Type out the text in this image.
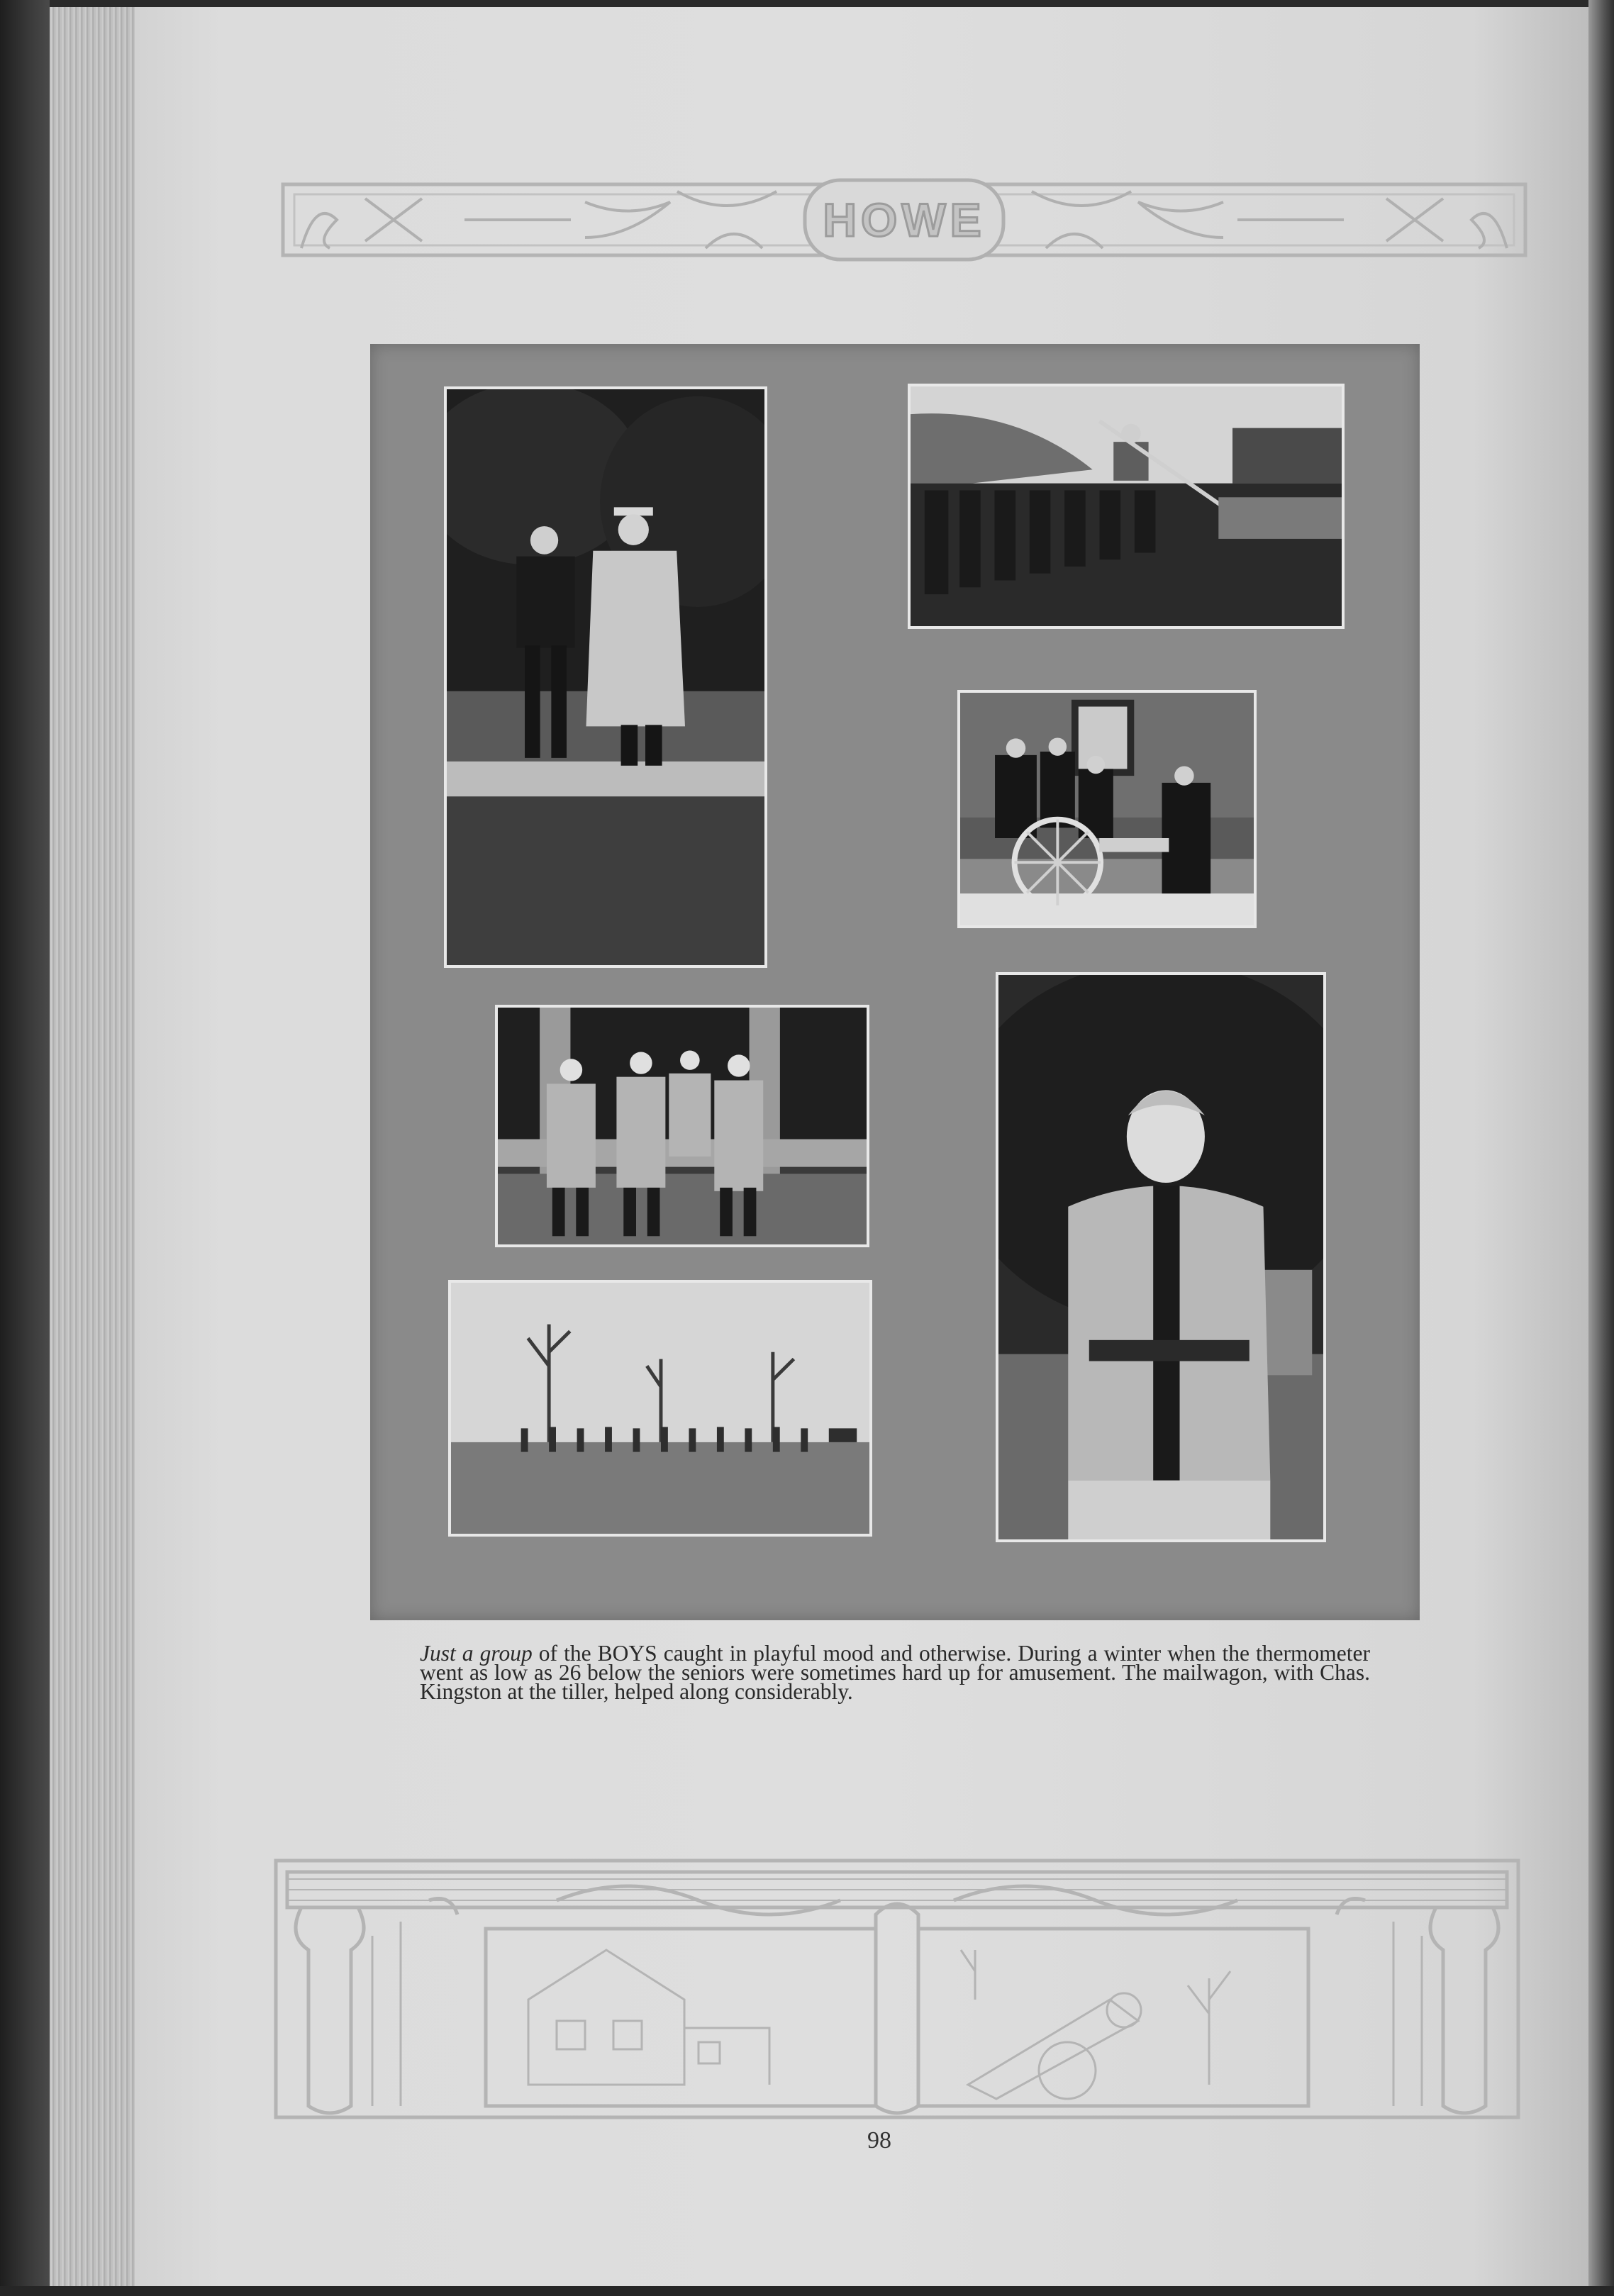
HOWE
Just a group of the BOYS caught in playful mood and otherwise. During a winter when the thermometer went as low as 26 below the seniors were sometimes hard up for amusement. The mailwagon, with Chas. Kingston at the tiller, helped along considerably.
98
